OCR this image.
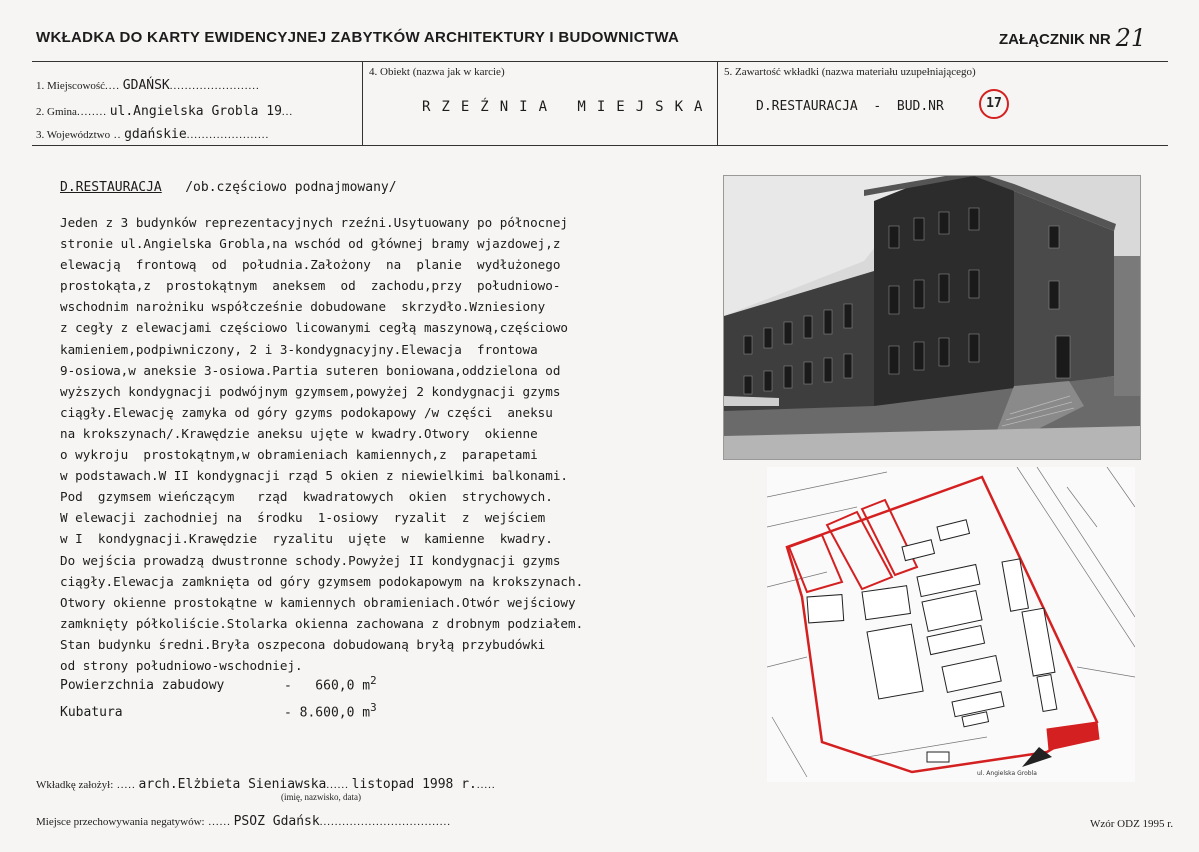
WKŁADKA DO KARTY EWIDENCYJNEJ ZABYTKÓW ARCHITEKTURY I BUDOWNICTWA	ZAŁĄCZNIK NR 21
1. Miejscowość.... GDAŃSK........................
2. Gmina........ ul.Angielska Grobla 19...
3. Województwo .. gdańskie......................
4. Obiekt (nazwa jak w karcie)
RZEŹNIA MIEJSKA
5. Zawartość wkładki (nazwa materiału uzupełniającego)
D.RESTAURACJA  -  BUD.NR	17
D.RESTAURACJA /ob.częściowo podnajmowany/
Jeden z 3 budynków reprezentacyjnych rzeźni.Usytuowany po północnej
stronie ul.Angielska Grobla,na wschód od głównej bramy wjazdowej,z
elewacją  frontową  od  południa.Założony  na  planie  wydłużonego
prostokąta,z  prostokątnym  aneksem  od  zachodu,przy  południowo-
wschodnim narożniku współcześnie dobudowane  skrzydło.Wzniesiony
z cegły z elewacjami częściowo licowanymi cegłą maszynową,częściowo
kamieniem,podpiwniczony, 2 i 3-kondygnacyjny.Elewacja  frontowa
9-osiowa,w aneksie 3-osiowa.Partia suteren boniowana,oddzielona od
wyższych kondygnacji podwójnym gzymsem,powyżej 2 kondygnacji gzyms
ciągły.Elewację zamyka od góry gzyms podokapowy /w części  aneksu
na krokszynach/.Krawędzie aneksu ujęte w kwadry.Otwory  okienne
o wykroju  prostokątnym,w obramieniach kamiennych,z  parapetami
w podstawach.W II kondygnacji rząd 5 okien z niewielkimi balkonami.
Pod  gzymsem wieńczącym   rząd  kwadratowych  okien  strychowych.
W elewacji zachodniej na  środku  1-osiowy  ryzalit  z  wejściem
w I  kondygnacji.Krawędzie  ryzalitu  ujęte  w  kamienne  kwadry.
Do wejścia prowadzą dwustronne schody.Powyżej II kondygnacji gzyms
ciągły.Elewacja zamknięta od góry gzymsem podokapowym na krokszynach.
Otwory okienne prostokątne w kamiennych obramieniach.Otwór wejściowy
zamknięty półkoliście.Stolarka okienna zachowana z drobnym podziałem.
Stan budynku średni.Bryła oszpecona dobudowaną bryłą przybudówki
od strony południowo-wschodniej.
Powierzchnia zabudowy	-   660,0 $m^2$
Kubatura	- 8.600,0 $m^3$
ul. Angielska Grobla
Wkładkę założył: ..... arch.Elżbieta Sieniawska...... listopad 1998 r......
(imię, nazwisko, data)
Miejsce przechowywania negatywów: ...... PSOZ Gdańsk...................................	Wzór ODZ 1995 r.
